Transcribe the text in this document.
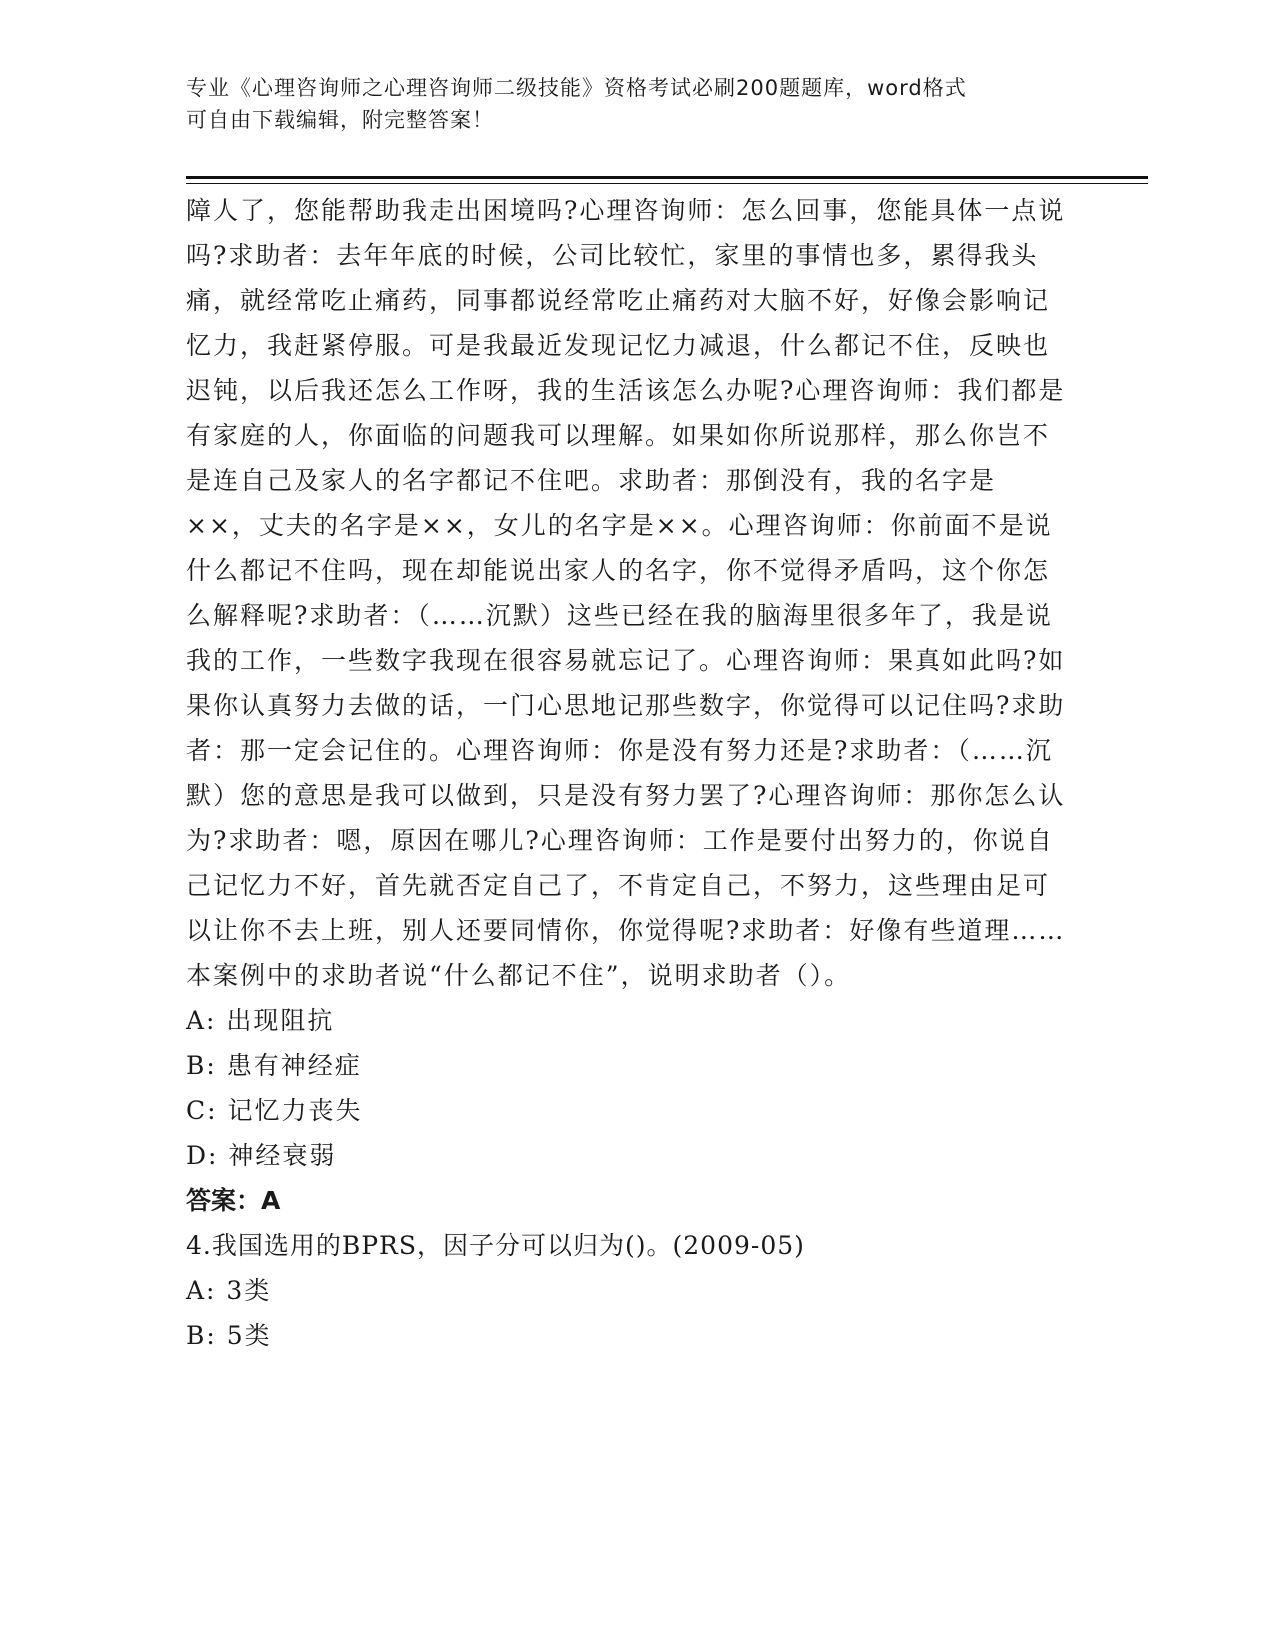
专业《心理咨询师之心理咨询师二级技能》资格考试必刷200题题库，word格式
可自由下载编辑，附完整答案！

障人了，您能帮助我走出困境吗?心理咨询师：怎么回事，您能具体一点说吗?求助者：去年年底的时候，公司比较忙，家里的事情也多，累得我头痛，就经常吃止痛药，同事都说经常吃止痛药对大脑不好，好像会影响记忆力，我赶紧停服。可是我最近发现记忆力减退，什么都记不住，反映也迟钝，以后我还怎么工作呀，我的生活该怎么办呢?心理咨询师：我们都是有家庭的人，你面临的问题我可以理解。如果如你所说那样，那么你岂不是连自己及家人的名字都记不住吧。求助者：那倒没有，我的名字是××，丈夫的名字是××，女儿的名字是××。心理咨询师：你前面不是说什么都记不住吗，现在却能说出家人的名字，你不觉得矛盾吗，这个你怎么解释呢?求助者：（……沉默）这些已经在我的脑海里很多年了，我是说我的工作，一些数字我现在很容易就忘记了。心理咨询师：果真如此吗?如果你认真努力去做的话，一门心思地记那些数字，你觉得可以记住吗?求助者：那一定会记住的。心理咨询师：你是没有努力还是?求助者：（……沉默）您的意思是我可以做到，只是没有努力罢了?心理咨询师：那你怎么认为?求助者：嗯，原因在哪儿?心理咨询师：工作是要付出努力的，你说自己记忆力不好，首先就否定自己了，不肯定自己，不努力，这些理由足可以让你不去上班，别人还要同情你，你觉得呢?求助者：好像有些道理……本案例中的求助者说“什么都记不住”，说明求助者（）。

A: 出现阻抗

B: 患有神经症

C: 记忆力丧失

D: 神经衰弱

答案：A

4.我国选用的BPRS，因子分可以归为()。(2009-05)

A: 3类

B: 5类
